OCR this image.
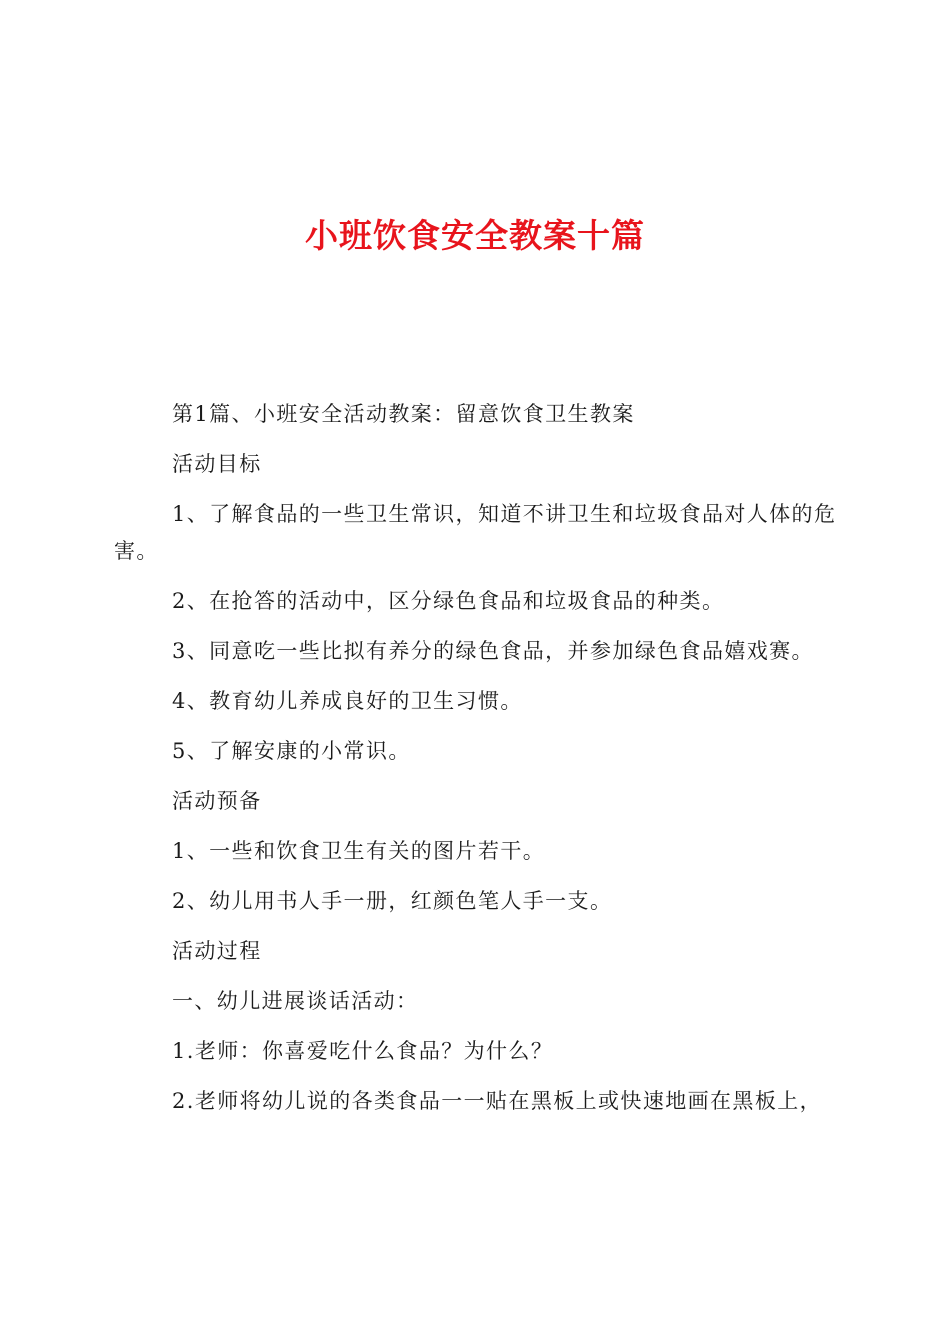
小班饮食安全教案十篇

第1篇、小班安全活动教案：留意饮食卫生教案

活动目标

1、了解食品的一些卫生常识，知道不讲卫生和垃圾食品对人体的危
害。

2、在抢答的活动中，区分绿色食品和垃圾食品的种类。

3、同意吃一些比拟有养分的绿色食品，并参加绿色食品嬉戏赛。

4、教育幼儿养成良好的卫生习惯。

5、了解安康的小常识。

活动预备

1、一些和饮食卫生有关的图片若干。

2、幼儿用书人手一册，红颜色笔人手一支。

活动过程

一、幼儿进展谈话活动：

1.老师：你喜爱吃什么食品？为什么？

2.老师将幼儿说的各类食品一一贴在黑板上或快速地画在黑板上，
